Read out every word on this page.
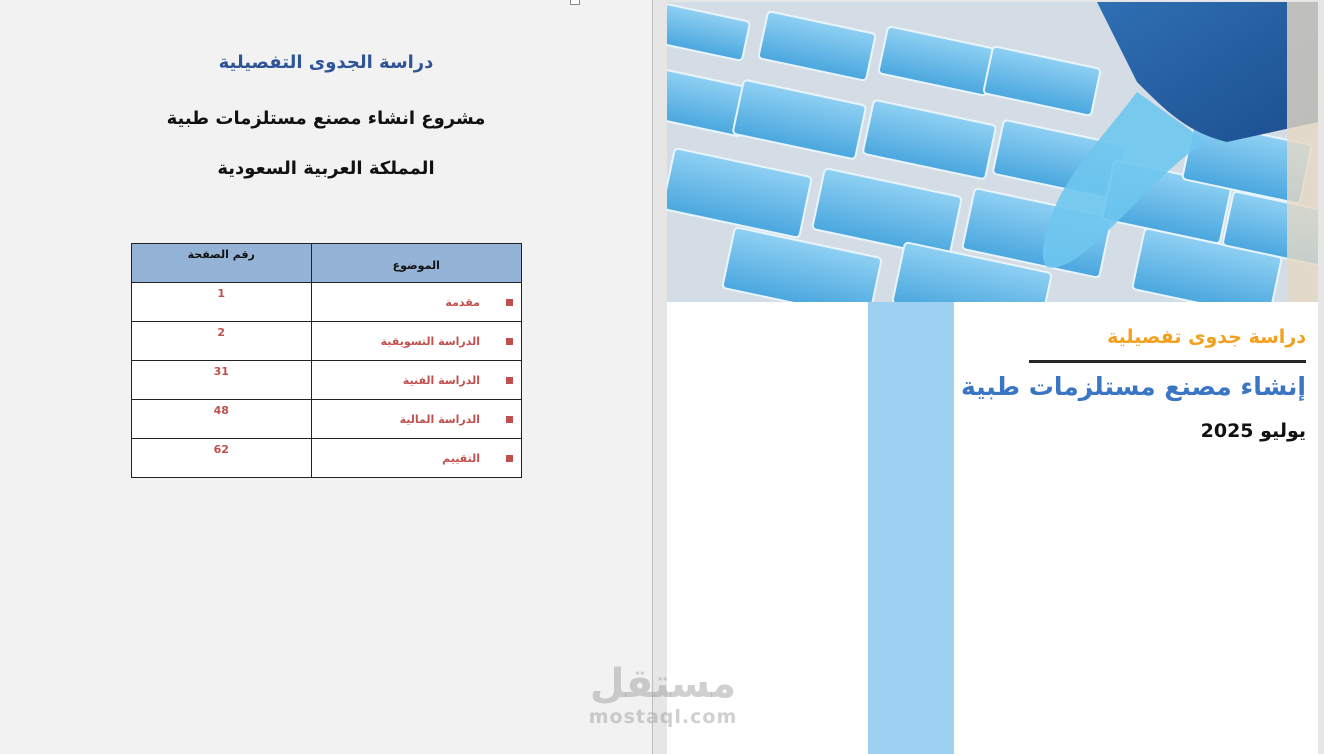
دراسة الجدوى التفصيلية
مشروع انشاء مصنع مستلزمات طبية
المملكة العربية السعودية
رقم الصفحة	الموضوع
1	مقدمة
2	الدراسة التسويقية
31	الدراسة الفنية
48	الدراسة المالية
62	التقييم
دراسة جدوى تفصيلية
إنشاء مصنع مستلزمات طبية
يوليو 2025
مستقل
mostaql.com
